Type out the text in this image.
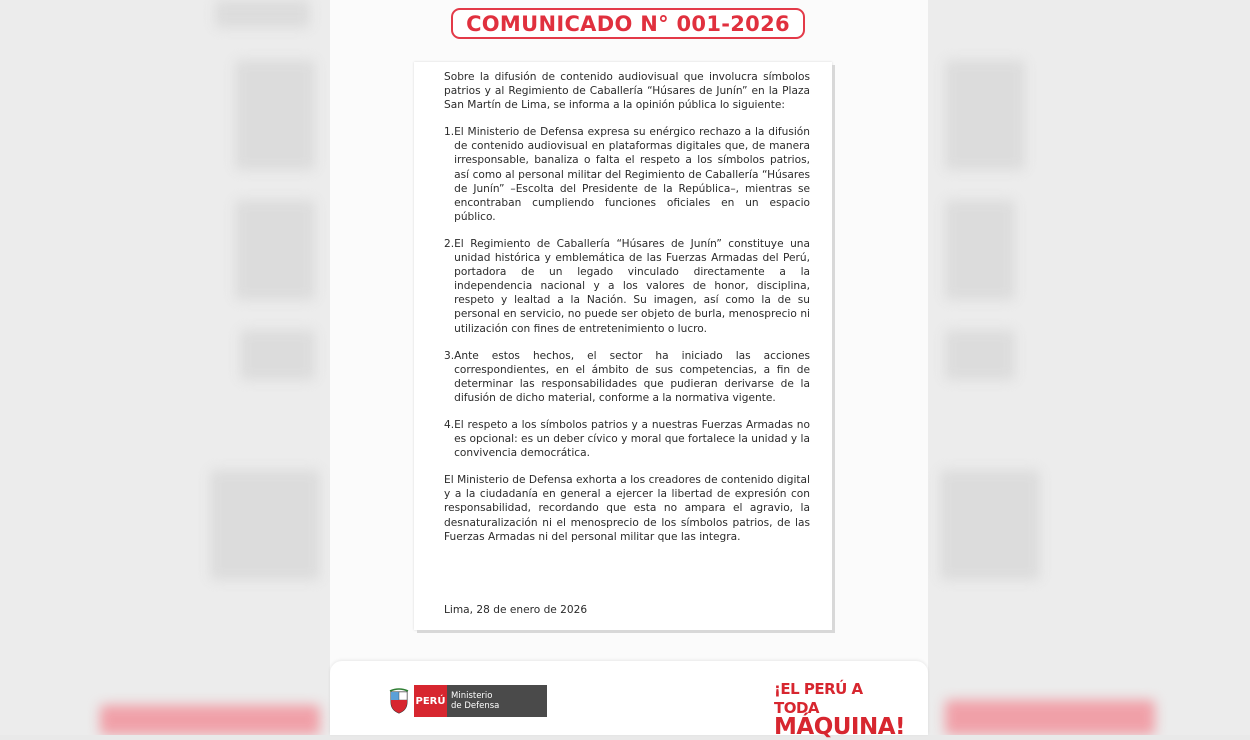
COMUNICADO N° 001-2026

Sobre la difusión de contenido audiovisual que involucra símbolos patrios y al Regimiento de Caballería “Húsares de Junín” en la Plaza San Martín de Lima, se informa a la opinión pública lo siguiente:

1. El Ministerio de Defensa expresa su enérgico rechazo a la difusión de contenido audiovisual en plataformas digitales que, de manera irresponsable, banaliza o falta el respeto a los símbolos patrios, así como al personal militar del Regimiento de Caballería “Húsares de Junín” –Escolta del Presidente de la República–, mientras se encontraban cumpliendo funciones oficiales en un espacio público.

2. El Regimiento de Caballería “Húsares de Junín” constituye una unidad histórica y emblemática de las Fuerzas Armadas del Perú, portadora de un legado vinculado directamente a la independencia nacional y a los valores de honor, disciplina, respeto y lealtad a la Nación. Su imagen, así como la de su personal en servicio, no puede ser objeto de burla, menosprecio ni utilización con fines de entretenimiento o lucro.

3. Ante estos hechos, el sector ha iniciado las acciones correspondientes, en el ámbito de sus competencias, a fin de determinar las responsabilidades que pudieran derivarse de la difusión de dicho material, conforme a la normativa vigente.

4. El respeto a los símbolos patrios y a nuestras Fuerzas Armadas no es opcional: es un deber cívico y moral que fortalece la unidad y la convivencia democrática.

El Ministerio de Defensa exhorta a los creadores de contenido digital y a la ciudadanía en general a ejercer la libertad de expresión con responsabilidad, recordando que esta no ampara el agravio, la desnaturalización ni el menosprecio de los símbolos patrios, de las Fuerzas Armadas ni del personal militar que las integra.

Lima, 28 de enero de 2026
PERÚ Ministerio
de Defensa
¡EL PERÚ A TODA
MÁQUINA!
